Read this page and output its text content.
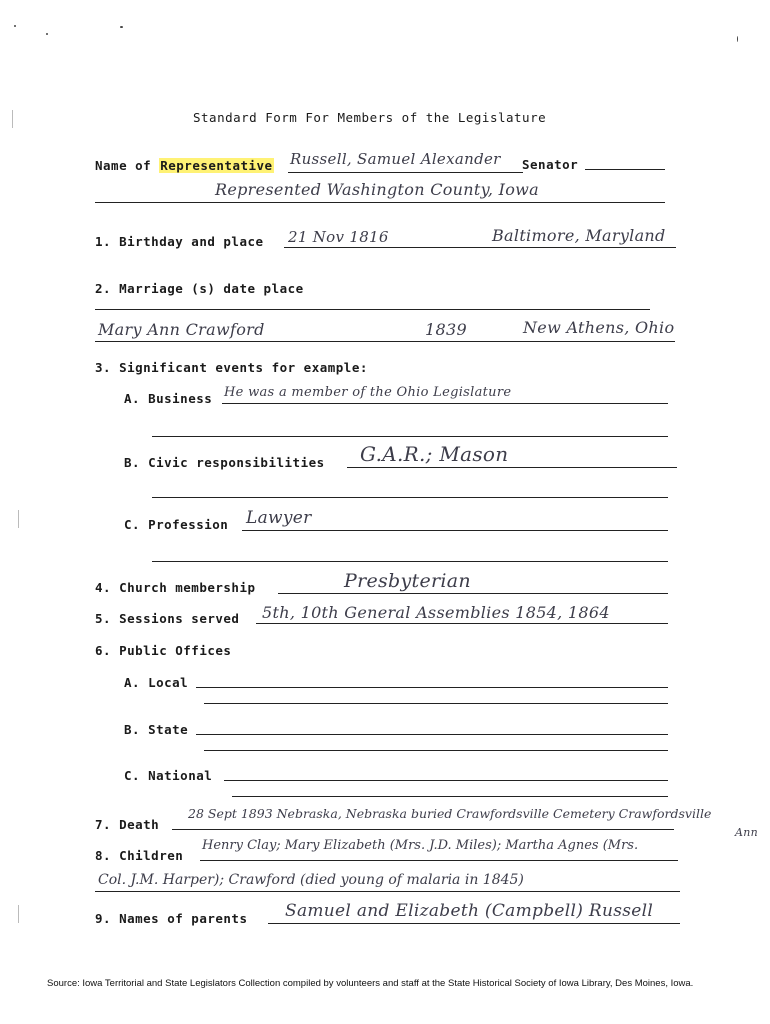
Standard Form For Members of the Legislature
Name of Representative Russell, Samuel Alexander Senator
Represented Washington County, Iowa
1. Birthday and place 21 Nov 1816	Baltimore, Maryland
2. Marriage (s) date place
Mary Ann Crawford	1839	New Athens, Ohio
3. Significant events for example:
A. Business He was a member of the Ohio Legislature
B. Civic responsibilities G.A.R.; Mason
C. Profession Lawyer
4. Church membership	Presbyterian
5. Sessions served 5th, 10th General Assemblies 1854, 1864
6. Public Offices
A. Local
B. State
C. National
7. Death
28 Sept 1893 Nebraska, Nebraska buried Crawfordsville Cemetery Crawfordsville
8. Children
Henry Clay; Mary Elizabeth (Mrs. J.D. Miles); Martha Agnes (Mrs.
Ann
Col. J.M. Harper); Crawford (died young of malaria in 1845)
9. Names of parents Samuel and Elizabeth (Campbell) Russell
Source: Iowa Territorial and State Legislators Collection compiled by volunteers and staff at the State Historical Society of Iowa Library, Des Moines, Iowa.
